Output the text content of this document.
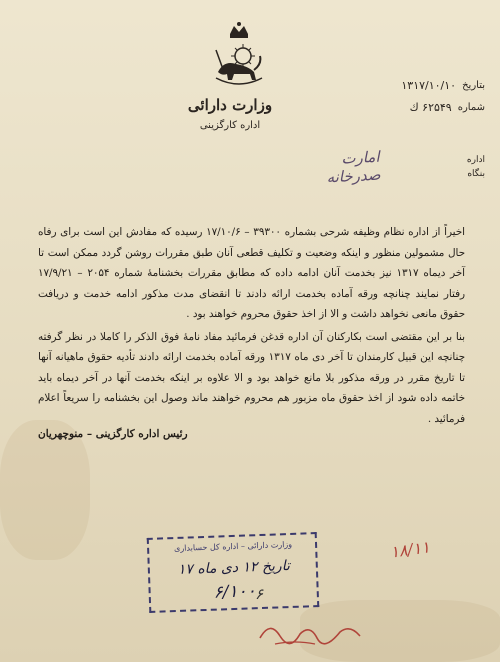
وزارت دارائی
اداره کارگزینی
بتاریخ
۱۳۱۷/۱۰/۱۰
شماره
۶۲۵۴۹ ك
اداره
بنگاه
امارت صدرخانه

اخیراً از اداره نظام وظیفه شرحی بشماره ۳۹۳۰۰ – ۱۷/۱۰/۶ رسیده که مفادش این است برای رفاه حال مشمولین منظور و اینکه وضعیت و تکلیف قطعی آنان طبق مقررات روشن گردد ممکن است تا آخر دیماه ۱۳۱۷ نیز بخدمت آنان ادامه داده که مطابق مقررات بخشنامهٔ شماره ۲۰۵۴ – ۱۷/۹/۲۱ رفتار نمایند چنانچه ورقه آماده بخدمت ارائه دادند تا انقضای مدت مذکور ادامه خدمت و دریافت حقوق مانعی نخواهد داشت و الا از اخذ حقوق محروم خواهند بود .

بنا بر این مقتضی است بکارکنان آن اداره قدغن فرمائید مفاد نامهٔ فوق الذکر را کاملا در نظر گرفته چنانچه این قبیل کارمندان تا آخر دی ماه ۱۳۱۷ ورقه آماده بخدمت ارائه دادند تأدیه حقوق ماهیانه آنها تا تاریخ مقرر در ورقه مذکور بلا مانع خواهد بود و الا علاوه بر اینکه بخدمت آنها در آخر دیماه باید خاتمه داده شود از اخذ حقوق ماه مزبور هم محروم خواهند ماند وصول این بخشنامه را سریعاً اعلام فرمائید .

رئیس اداره کارگزینی – منوچهریان
وزارت دارائی – اداره کل حسابداری
تاریخ ۱۲ دی ماه ۱۷
۶/۱۰۰
۱۸/۱۱
۶
